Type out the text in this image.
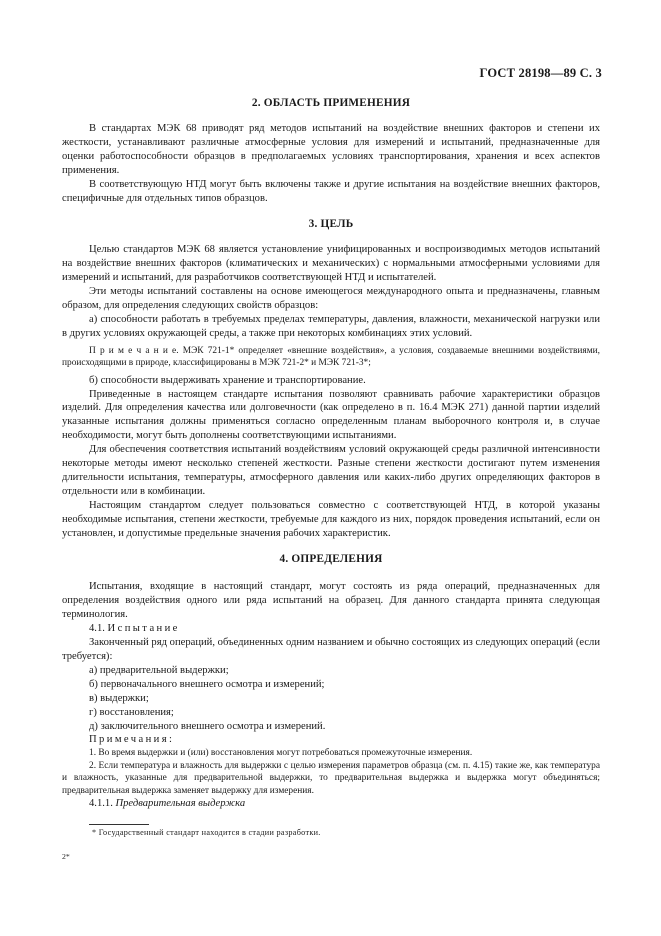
ГОСТ 28198—89 С. 3
2. ОБЛАСТЬ ПРИМЕНЕНИЯ

В стандартах МЭК 68 приводят ряд методов испытаний на воздействие внешних факторов и степени их жесткости, устанавливают различные атмосферные условия для измерений и испытаний, предназначенные для оценки работоспособности образцов в предполагаемых условиях транспортирования, хранения и всех аспектов применения.

В соответствующую НТД могут быть включены также и другие испытания на воздействие внешних факторов, специфичные для отдельных типов образцов.

3. ЦЕЛЬ

Целью стандартов МЭК 68 является установление унифицированных и воспроизводимых методов испытаний на воздействие внешних факторов (климатических и механических) с нормальными атмосферными условиями для измерений и испытаний, для разработчиков соответствующей НТД и испытателей.

Эти методы испытаний составлены на основе имеющегося международного опыта и предназначены, главным образом, для определения следующих свойств образцов:

а) способности работать в требуемых пределах температуры, давления, влажности, механической нагрузки или в других условиях окружающей среды, а также при некоторых комбинациях этих условий.

П р и м е ч а н и е. МЭК 721-1* определяет «внешние воздействия», а условия, создаваемые внешними воздействиями, происходящими в природе, классифицированы в МЭК 721-2* и МЭК 721-3*;

б) способности выдерживать хранение и транспортирование.

Приведенные в настоящем стандарте испытания позволяют сравнивать рабочие характеристики образцов изделий. Для определения качества или долговечности (как определено в п. 16.4 МЭК 271) данной партии изделий указанные испытания должны применяться согласно определенным планам выборочного контроля и, в случае необходимости, могут быть дополнены соответствующими испытаниями.

Для обеспечения соответствия испытаний воздействиям условий окружающей среды различной интенсивности некоторые методы имеют несколько степеней жесткости. Разные степени жесткости достигают путем изменения длительности испытания, температуры, атмосферного давления или каких-либо других определяющих факторов в отдельности или в комбинации.

Настоящим стандартом следует пользоваться совместно с соответствующей НТД, в которой указаны необходимые испытания, степени жесткости, требуемые для каждого из них, порядок проведения испытаний, если он установлен, и допустимые предельные значения рабочих характеристик.

4. ОПРЕДЕЛЕНИЯ

Испытания, входящие в настоящий стандарт, могут состоять из ряда операций, предназначенных для определения воздействия одного или ряда испытаний на образец. Для данного стандарта принята следующая терминология.

4.1. Испытание

Законченный ряд операций, объединенных одним названием и обычно состоящих из следующих операций (если требуется):

а) предварительной выдержки;

б) первоначального внешнего осмотра и измерений;

в) выдержки;

г) восстановления;

д) заключительного внешнего осмотра и измерений.

Примечания:

1. Во время выдержки и (или) восстановления могут потребоваться промежуточные измерения.

2. Если температура и влажность для выдержки с целью измерения параметров образца (см. п. 4.15) такие же, как температура и влажность, указанные для предварительной выдержки, то предварительная выдержка и выдержка могут объединяться; предварительная выдержка заменяет выдержку для измерения.

4.1.1. Предварительная выдержка

* Государственный стандарт находится в стадии разработки.
2*
